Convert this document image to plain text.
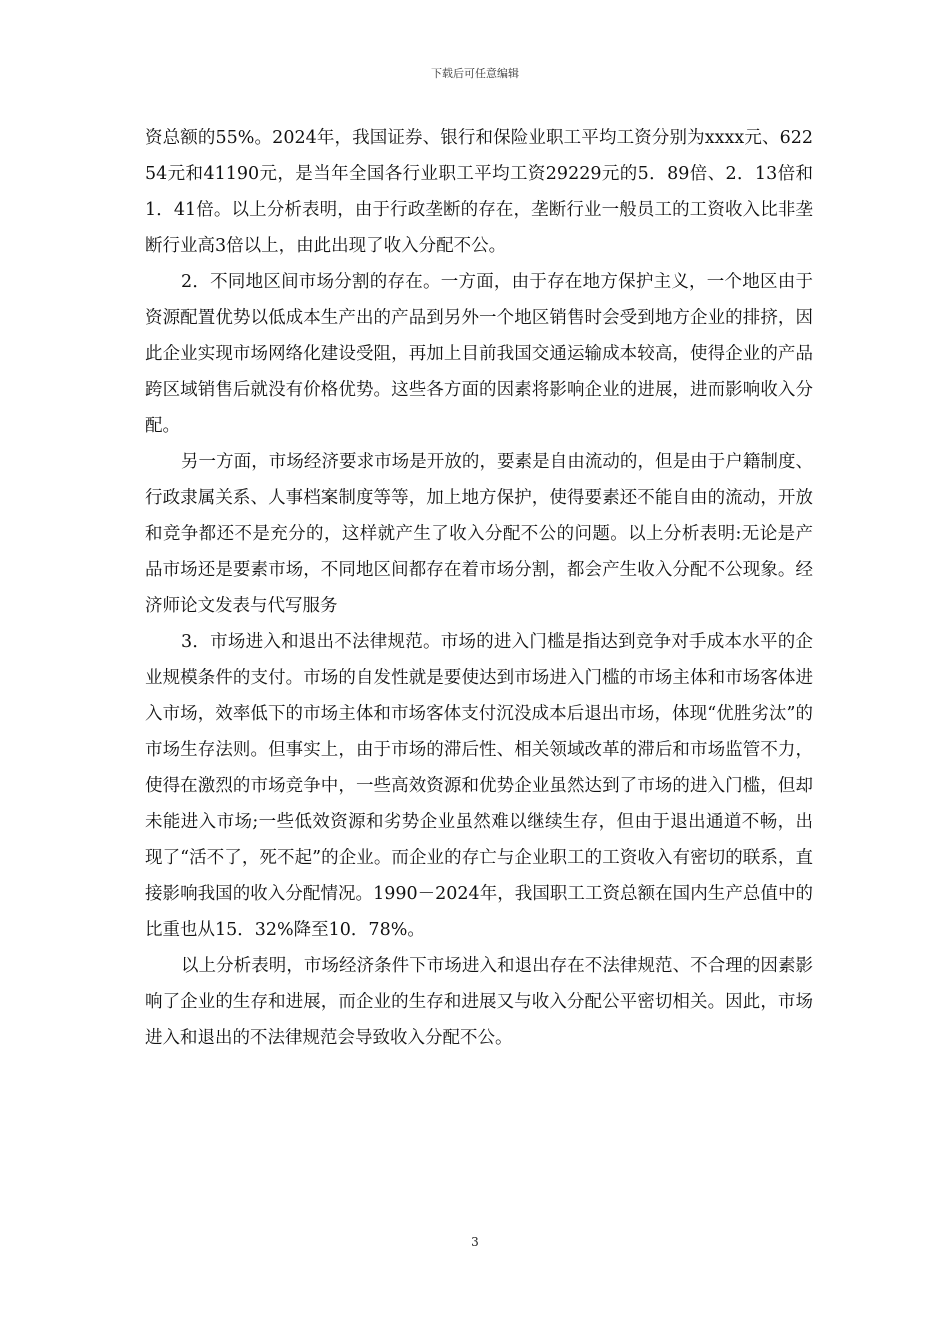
下载后可任意编辑

资总额的55%。2024年，我国证券、银行和保险业职工平均工资分别为xxxx元、62254元和41190元，是当年全国各行业职工平均工资29229元的5．89倍、2．13倍和1．41倍。以上分析表明，由于行政垄断的存在，垄断行业一般员工的工资收入比非垄断行业高3倍以上，由此出现了收入分配不公。

2．不同地区间市场分割的存在。一方面，由于存在地方保护主义，一个地区由于资源配置优势以低成本生产出的产品到另外一个地区销售时会受到地方企业的排挤，因此企业实现市场网络化建设受阻，再加上目前我国交通运输成本较高，使得企业的产品跨区域销售后就没有价格优势。这些各方面的因素将影响企业的进展，进而影响收入分配。

另一方面，市场经济要求市场是开放的，要素是自由流动的，但是由于户籍制度、行政隶属关系、人事档案制度等等，加上地方保护，使得要素还不能自由的流动，开放和竞争都还不是充分的，这样就产生了收入分配不公的问题。以上分析表明:无论是产品市场还是要素市场，不同地区间都存在着市场分割，都会产生收入分配不公现象。经济师论文发表与代写服务

3．市场进入和退出不法律规范。市场的进入门槛是指达到竞争对手成本水平的企业规模条件的支付。市场的自发性就是要使达到市场进入门槛的市场主体和市场客体进入市场，效率低下的市场主体和市场客体支付沉没成本后退出市场，体现“优胜劣汰”的市场生存法则。但事实上，由于市场的滞后性、相关领域改革的滞后和市场监管不力，使得在激烈的市场竞争中，一些高效资源和优势企业虽然达到了市场的进入门槛，但却未能进入市场;一些低效资源和劣势企业虽然难以继续生存，但由于退出通道不畅，出现了“活不了，死不起”的企业。而企业的存亡与企业职工的工资收入有密切的联系，直接影响我国的收入分配情况。1990－2024年，我国职工工资总额在国内生产总值中的比重也从15．32%降至10．78%。

以上分析表明，市场经济条件下市场进入和退出存在不法律规范、不合理的因素影响了企业的生存和进展，而企业的生存和进展又与收入分配公平密切相关。因此，市场进入和退出的不法律规范会导致收入分配不公。

3
